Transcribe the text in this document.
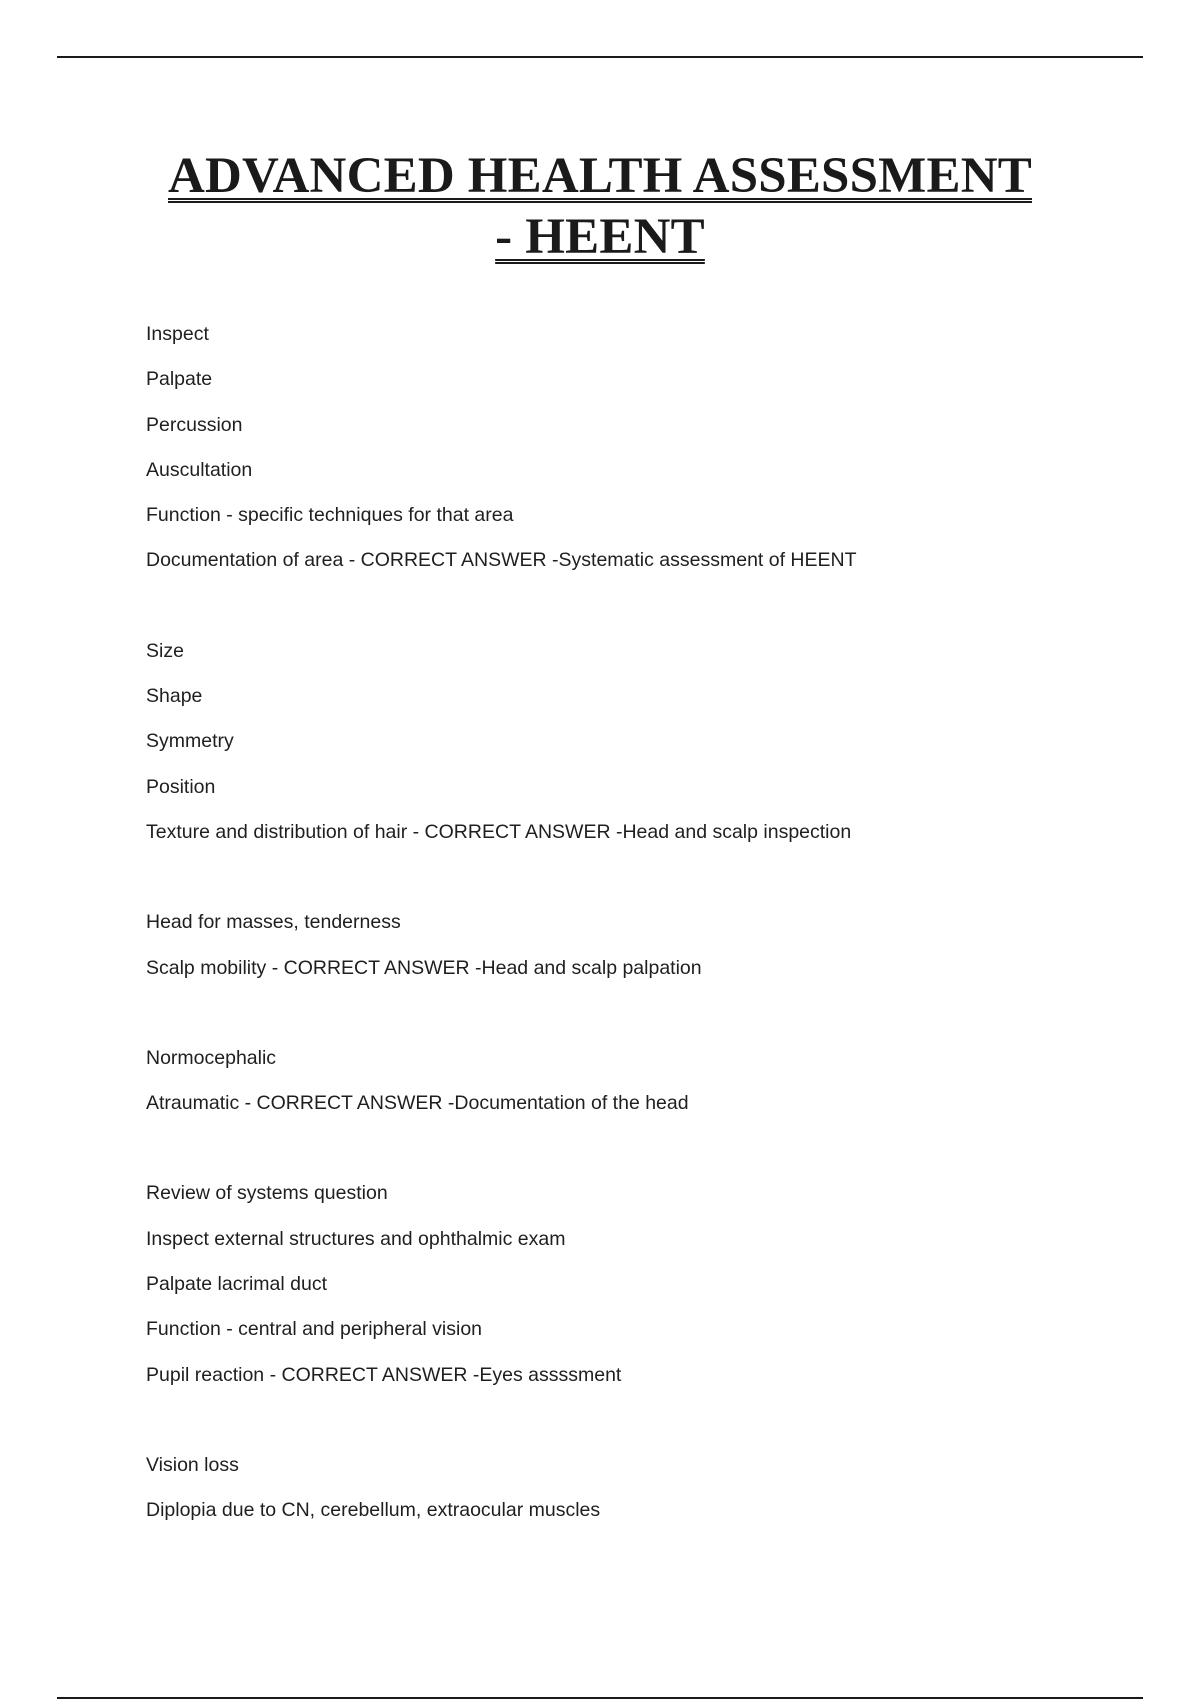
ADVANCED HEALTH ASSESSMENT
- HEENT

Inspect

Palpate

Percussion

Auscultation

Function - specific techniques for that area

Documentation of area - CORRECT ANSWER -Systematic assessment of HEENT

Size

Shape

Symmetry

Position

Texture and distribution of hair - CORRECT ANSWER -Head and scalp inspection

Head for masses, tenderness

Scalp mobility - CORRECT ANSWER -Head and scalp palpation

Normocephalic

Atraumatic - CORRECT ANSWER -Documentation of the head

Review of systems question

Inspect external structures and ophthalmic exam

Palpate lacrimal duct

Function - central and peripheral vision

Pupil reaction - CORRECT ANSWER -Eyes assssment

Vision loss

Diplopia due to CN, cerebellum, extraocular muscles
